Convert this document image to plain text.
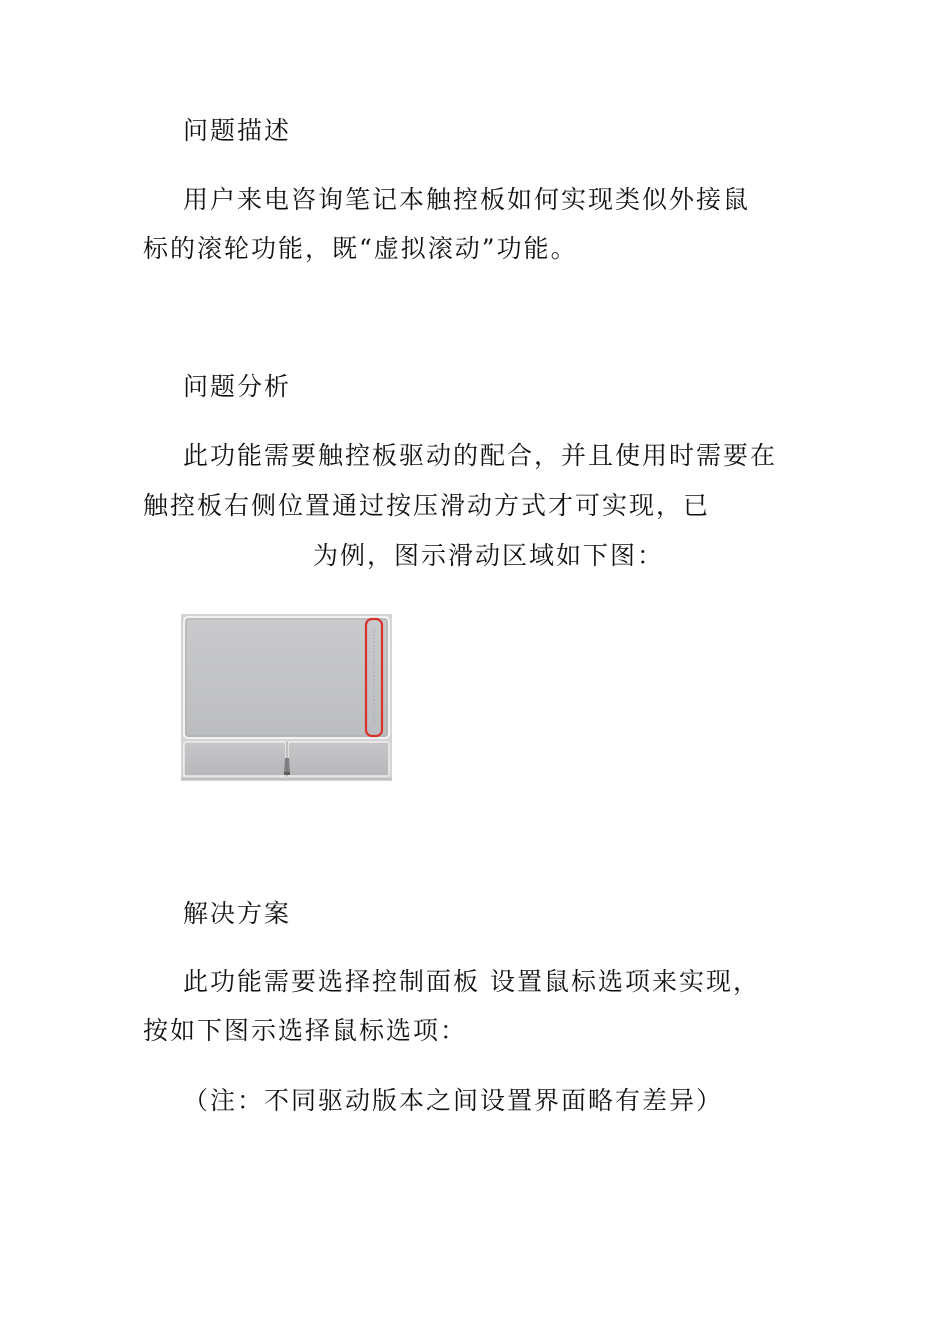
问题描述
用户来电咨询笔记本触控板如何实现类似外接鼠
标的滚轮功能，既“虚拟滚动”功能。
问题分析
此功能需要触控板驱动的配合，并且使用时需要在
触控板右侧位置通过按压滑动方式才可实现，已
为例，图示滑动区域如下图：
解决方案
此功能需要选择控制面板 设置鼠标选项来实现，
按如下图示选择鼠标选项：
（注：不同驱动版本之间设置界面略有差异）
